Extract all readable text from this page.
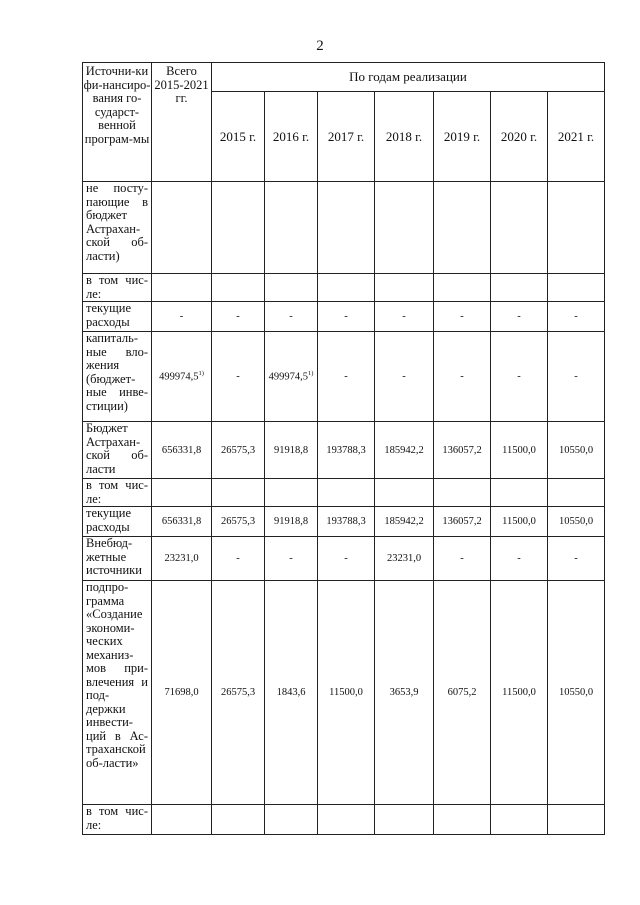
2
Источни-ки фи-нансиро-вания го-сударст-венной програм-мы	Всего 2015-2021 гг.	По годам реализации						
		2015 г.	2016 г.	2017 г.	2018 г.	2019 г.	2020 г.	2021 г.
не посту-пающие в бюджет Астрахан-ской об-ласти)								
в том чис-ле:								
текущие расходы	-	-	-	-	-	-	-	-
капиталь-ные вло-жения (бюджет-ные инве-стиции)	499974,5$^{1)}$	-	499974,5$^{1)}$	-	-	-	-	-
Бюджет Астрахан-ской об-ласти	656331,8	26575,3	91918,8	193788,3	185942,2	136057,2	11500,0	10550,0
в том чис-ле:								
текущие расходы	656331,8	26575,3	91918,8	193788,3	185942,2	136057,2	11500,0	10550,0
Внебюд-жетные источники	23231,0	-	-	-	23231,0	-	-	-
подпро-грамма «Создание экономи-ческих механиз-мов при-влечения и под-держки инвести-ций в Ас-траханской об-ласти»	71698,0	26575,3	1843,6	11500,0	3653,9	6075,2	11500,0	10550,0
в том чис-ле:								
